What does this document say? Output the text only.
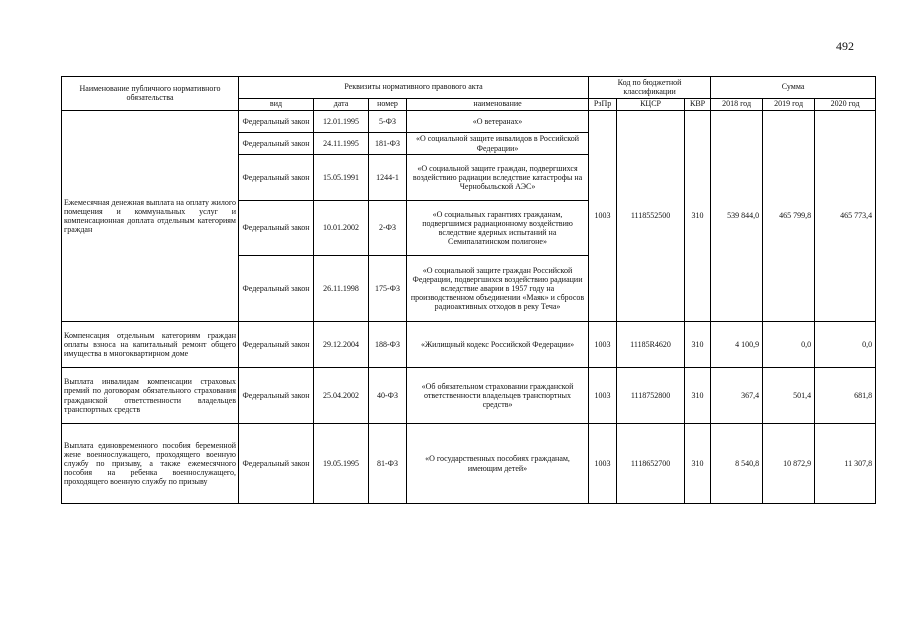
492
Наименование публичного нормативного обязательства	Реквизиты нормативного правового акта				Код по бюджетной классификации			Сумма		
	вид	дата	номер	наименование	РзПр	КЦСР	КВР	2018 год	2019 год	2020 год
Ежемесячная денежная выплата на оплату жилого помещения и коммунальных услуг и компенсационная доплата отдельным категориям граждан	Федеральный закон	12.01.1995	5-ФЗ	«О ветеранах»	1003	1118552500	310	539 844,0	465 799,8	465 773,4
	Федеральный закон	24.11.1995	181-ФЗ	«О социальной защите инвалидов в Российской Федерации»						
	Федеральный закон	15.05.1991	1244-1	«О социальной защите граждан, подвергшихся воздействию радиации вследствие катастрофы на Чернобыльской АЭС»						
	Федеральный закон	10.01.2002	2-ФЗ	«О социальных гарантиях гражданам, подвергшимся радиационному воздействию вследствие ядерных испытаний на Семипалатинском полигоне»						
	Федеральный закон	26.11.1998	175-ФЗ	«О социальной защите граждан Российской Федерации, подвергшихся воздействию радиации вследствие аварии в 1957 году на производственном объединении «Маяк» и сбросов радиоактивных отходов в реку Теча»						
Компенсация отдельным категориям граждан оплаты взноса на капитальный ремонт общего имущества в многоквартирном доме	Федеральный закон	29.12.2004	188-ФЗ	«Жилищный кодекс Российской Федерации»	1003	11185R4620	310	4 100,9	0,0	0,0
Выплата инвалидам компенсации страховых премий по договорам обязательного страхования гражданской ответственности владельцев транспортных средств	Федеральный закон	25.04.2002	40-ФЗ	«Об обязательном страховании гражданской ответственности владельцев транспортных средств»	1003	1118752800	310	367,4	501,4	681,8
Выплата единовременного пособия беременной жене военнослужащего, проходящего военную службу по призыву, а также ежемесячного пособия на ребенка военнослужащего, проходящего военную службу по призыву	Федеральный закон	19.05.1995	81-ФЗ	«О государственных пособиях гражданам, имеющим детей»	1003	1118652700	310	8 540,8	10 872,9	11 307,8
